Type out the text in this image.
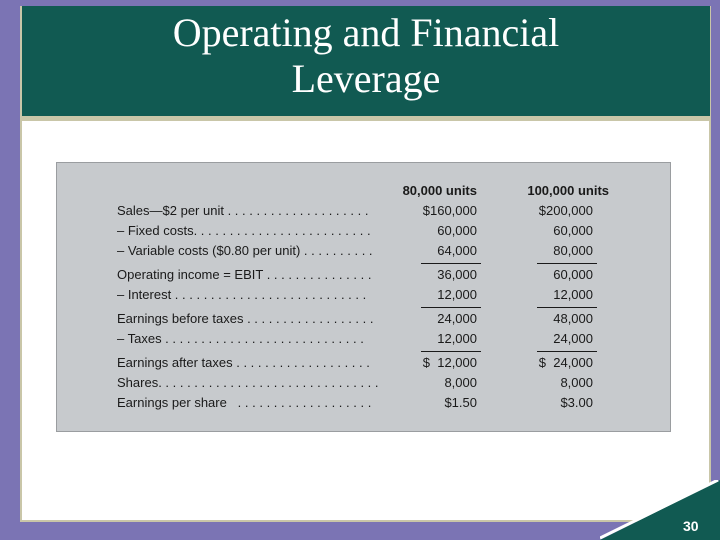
Operating and Financial
Leverage
80,000 units	100,000 units
Sales—$2 per unit . . . . . . . . . . . . . . . . . . . .	$160,000	$200,000
– Fixed costs. . . . . . . . . . . . . . . . . . . . . . . . .	60,000	60,000
– Variable costs ($0.80 per unit) . . . . . . . . . .	64,000	80,000
Operating income = EBIT . . . . . . . . . . . . . . .	36,000	60,000
– Interest . . . . . . . . . . . . . . . . . . . . . . . . . . .	12,000	12,000
Earnings before taxes . . . . . . . . . . . . . . . . . .	24,000	48,000
– Taxes . . . . . . . . . . . . . . . . . . . . . . . . . . . .	12,000	24,000
Earnings after taxes . . . . . . . . . . . . . . . . . . .	$  12,000	$  24,000
Shares. . . . . . . . . . . . . . . . . . . . . . . . . . . . . . .	8,000	8,000
Earnings per share   . . . . . . . . . . . . . . . . . . .	$1.50	$3.00
30
